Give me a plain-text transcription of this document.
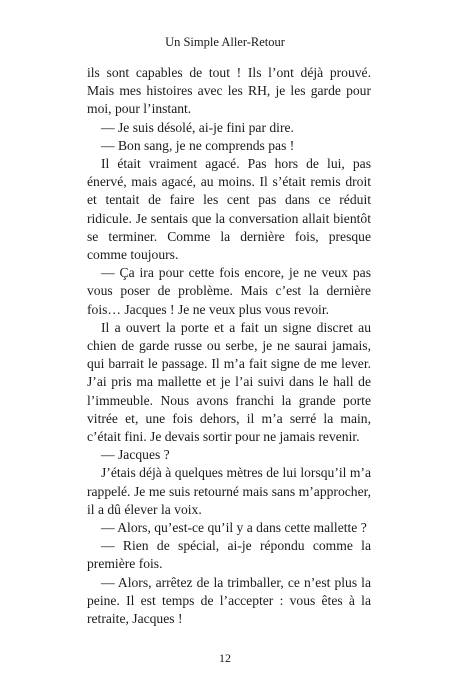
Un Simple Aller-Retour

ils sont capables de tout ! Ils l’ont déjà prouvé. Mais mes histoires avec les RH, je les garde pour moi, pour l’instant.

— Je suis désolé, ai-je fini par dire.

— Bon sang, je ne comprends pas !

Il était vraiment agacé. Pas hors de lui, pas énervé, mais agacé, au moins. Il s’était remis droit et tentait de faire les cent pas dans ce réduit ridicule. Je sentais que la conversation allait bientôt se terminer. Comme la dernière fois, presque comme toujours.

— Ça ira pour cette fois encore, je ne veux pas vous poser de problème. Mais c’est la dernière fois… Jacques ! Je ne veux plus vous revoir.

Il a ouvert la porte et a fait un signe discret au chien de garde russe ou serbe, je ne saurai jamais, qui barrait le passage. Il m’a fait signe de me lever. J’ai pris ma mallette et je l’ai suivi dans le hall de l’immeuble. Nous avons franchi la grande porte vitrée et, une fois dehors, il m’a serré la main, c’était fini. Je devais sortir pour ne jamais revenir.

— Jacques ?

J’étais déjà à quelques mètres de lui lorsqu’il m’a rappelé. Je me suis retourné mais sans m’approcher, il a dû élever la voix.

— Alors, qu’est-ce qu’il y a dans cette mallette ?

— Rien de spécial, ai-je répondu comme la première fois.

— Alors, arrêtez de la trimballer, ce n’est plus la peine. Il est temps de l’accepter : vous êtes à la retraite, Jacques !

12
